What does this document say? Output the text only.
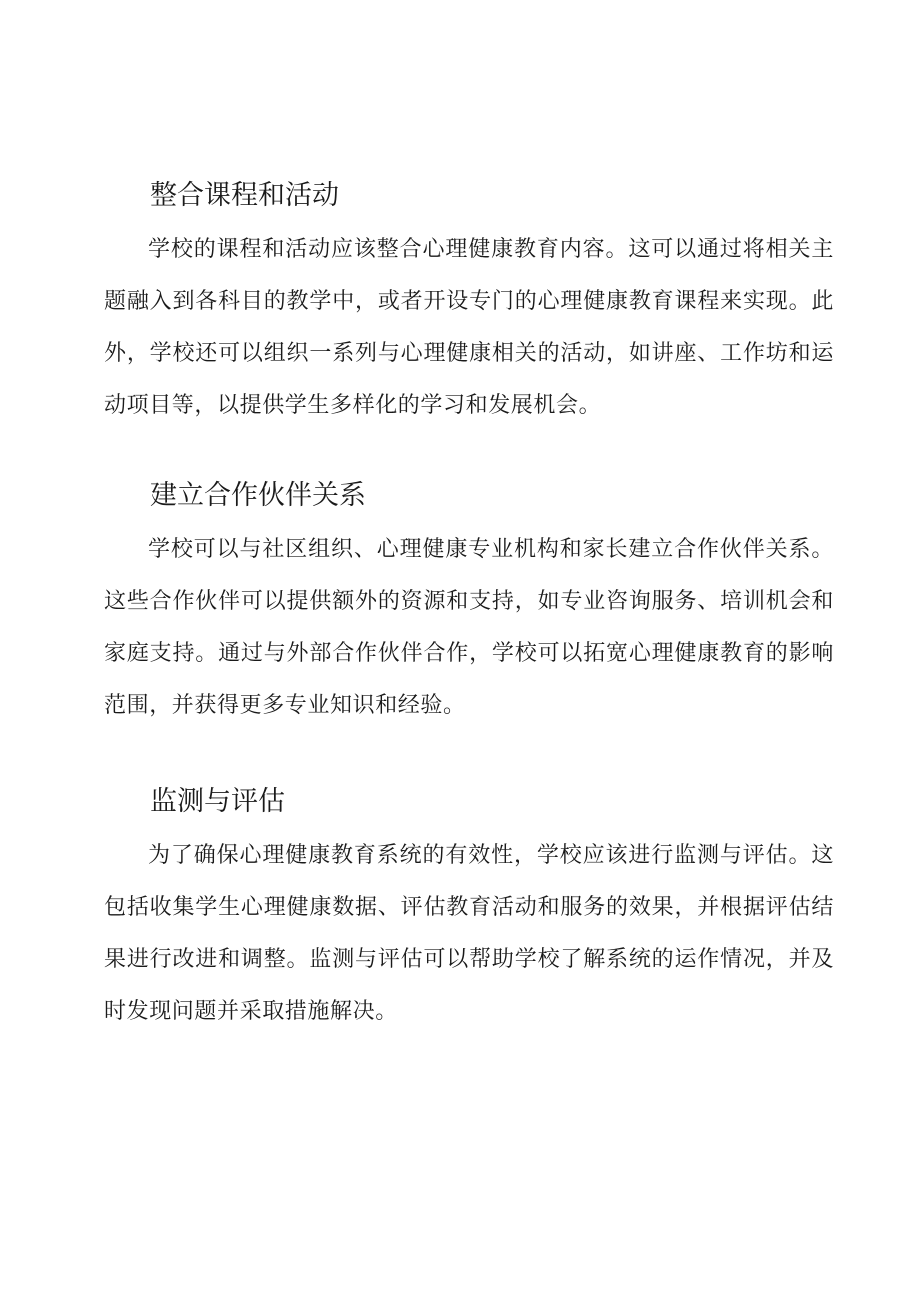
整合课程和活动

学校的课程和活动应该整合心理健康教育内容。这可以通过将相关主题融入到各科目的教学中，或者开设专门的心理健康教育课程来实现。此外，学校还可以组织一系列与心理健康相关的活动，如讲座、工作坊和运动项目等，以提供学生多样化的学习和发展机会。

建立合作伙伴关系

学校可以与社区组织、心理健康专业机构和家长建立合作伙伴关系。这些合作伙伴可以提供额外的资源和支持，如专业咨询服务、培训机会和家庭支持。通过与外部合作伙伴合作，学校可以拓宽心理健康教育的影响范围，并获得更多专业知识和经验。

监测与评估

为了确保心理健康教育系统的有效性，学校应该进行监测与评估。这包括收集学生心理健康数据、评估教育活动和服务的效果，并根据评估结果进行改进和调整。监测与评估可以帮助学校了解系统的运作情况，并及时发现问题并采取措施解决。
